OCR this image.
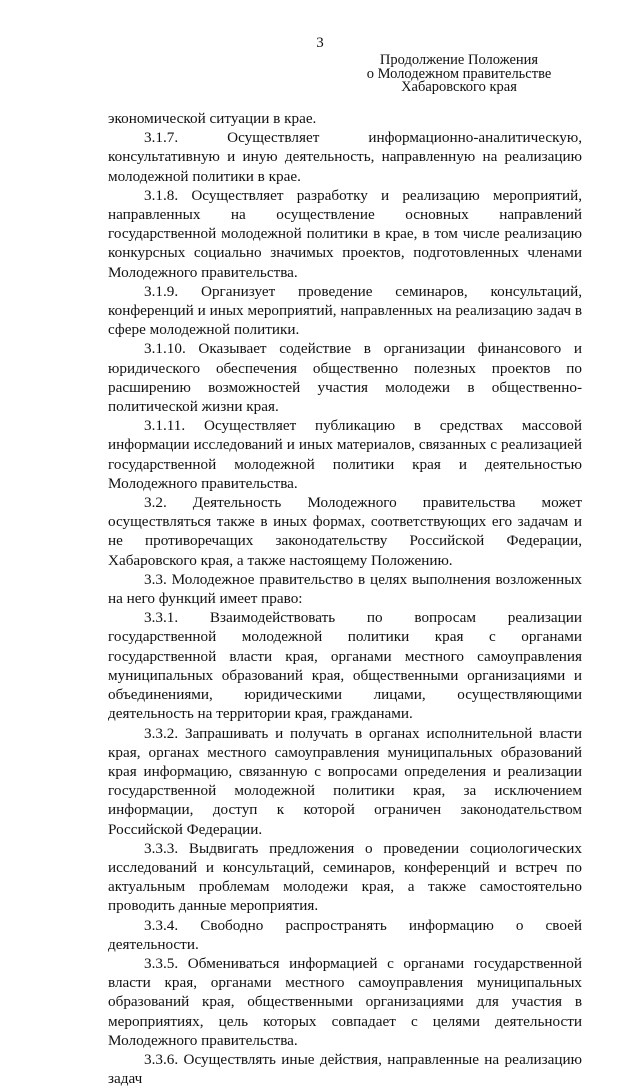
3
Продолжение Положения
о Молодежном правительстве
Хабаровского края

экономической ситуации в крае.

3.1.7. Осуществляет информационно-аналитическую, консультативную и иную деятельность, направленную на реализацию молодежной политики в крае.

3.1.8. Осуществляет разработку и реализацию мероприятий, направленных на осуществление основных направлений государственной молодежной политики в крае, в том числе реализацию конкурсных социально значимых проектов, подготовленных членами Молодежного правительства.

3.1.9. Организует проведение семинаров, консультаций, конференций и иных мероприятий, направленных на реализацию задач в сфере молодежной политики.

3.1.10. Оказывает содействие в организации финансового и юридического обеспечения общественно полезных проектов по расширению возможностей участия молодежи в общественно-политической жизни края.

3.1.11. Осуществляет публикацию в средствах массовой информации исследований и иных материалов, связанных с реализацией государственной молодежной политики края и деятельностью Молодежного правительства.

3.2. Деятельность Молодежного правительства может осуществляться также в иных формах, соответствующих его задачам и не противоречащих законодательству Российской Федерации, Хабаровского края, а также настоящему Положению.

3.3. Молодежное правительство в целях выполнения возложенных на него функций имеет право:

3.3.1. Взаимодействовать по вопросам реализации государственной молодежной политики края с органами государственной власти края, органами местного самоуправления муниципальных образований края, общественными организациями и объединениями, юридическими лицами, осуществляющими деятельность на территории края, гражданами.

3.3.2. Запрашивать и получать в органах исполнительной власти края, органах местного самоуправления муниципальных образований края информацию, связанную с вопросами определения и реализации государственной молодежной политики края, за исключением информации, доступ к которой ограничен законодательством Российской Федерации.

3.3.3. Выдвигать предложения о проведении социологических исследований и консультаций, семинаров, конференций и встреч по актуальным проблемам молодежи края, а также самостоятельно проводить данные мероприятия.

3.3.4. Свободно распространять информацию о своей деятельности.

3.3.5. Обмениваться информацией с органами государственной власти края, органами местного самоуправления муниципальных образований края, общественными организациями для участия в мероприятиях, цель которых совпадает с целями деятельности Молодежного правительства.

3.3.6. Осуществлять иные действия, направленные на реализацию задач
